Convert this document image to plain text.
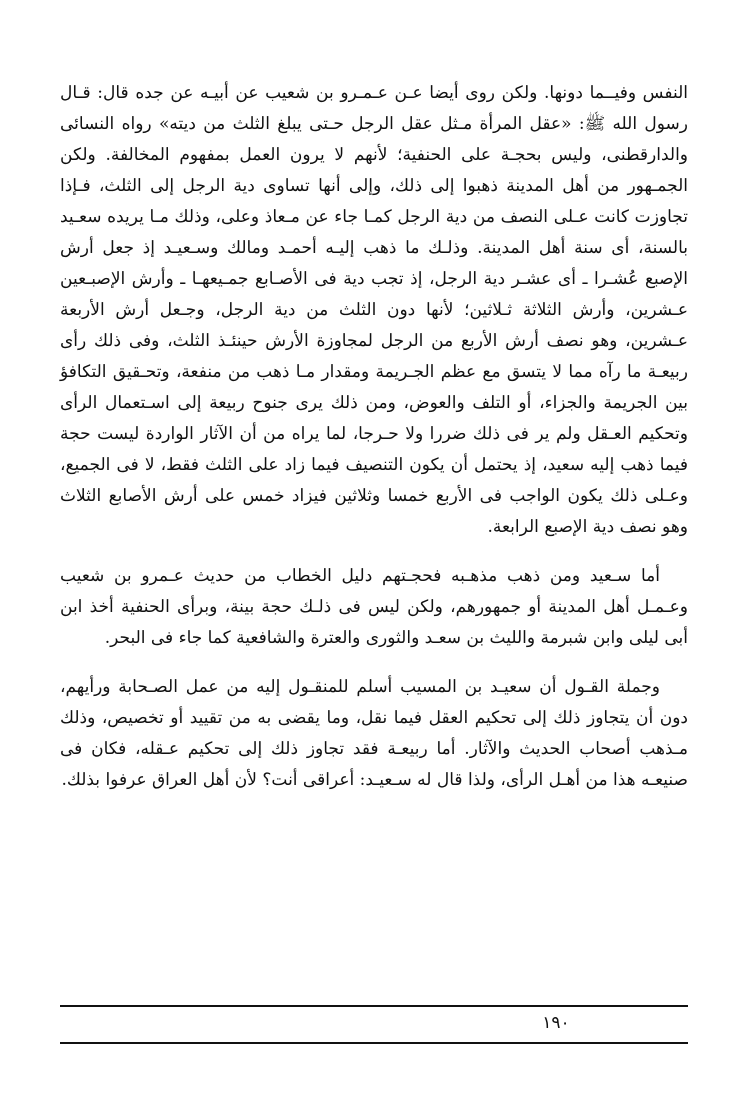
النفس وفيــما دونها. ولكن روى أيضا عـن عـمـرو بن شعيب عن أبيـه عن جده قال: قـال رسول الله ﷺ: «عقل المرأة مـثل عقل الرجل حـتى يبلغ الثلث من ديته» رواه النسائى والدارقطنى، وليس بحجـة على الحنفية؛ لأنهم لا يرون العمل بمفهوم المخالفة. ولكن الجمـهور من أهل المدينة ذهبوا إلى ذلك، وإلى أنها تساوى دية الرجل إلى الثلث، فـإذا تجاوزت كانت عـلى النصف من دية الرجل كمـا جاء عن مـعاذ وعلى، وذلك مـا يريده سعـيد بالسنة، أى سنة أهل المدينة. وذلـك ما ذهب إليـه أحمـد ومالك وسـعيـد إذ جعل أرش الإصبع عُشـرا ـ أى عشـر دية الرجل، إذ تجب دية فى الأصـابع جمـيعهـا ـ وأرش الإصبـعين عـشرين، وأرش الثلاثة ثـلاثين؛ لأنها دون الثلث من دية الرجل، وجـعل أرش الأربعة عـشرين، وهو نصف أرش الأربع من الرجل لمجاوزة الأرش حينئـذ الثلث، وفى ذلك رأى ربيعـة ما رآه مما لا يتسق مع عظم الجـريمة ومقدار مـا ذهب من منفعة، وتحـقيق التكافؤ بين الجريمة والجزاء، أو التلف والعوض، ومن ذلك يرى جنوح ربيعة إلى اسـتعمال الرأى وتحكيم العـقل ولم ير فى ذلك ضررا ولا حـرجا، لما يراه من أن الآثار الواردة ليست حجة فيما ذهب إليه سعيد، إذ يحتمل أن يكون التنصيف فيما زاد على الثلث فقط، لا فى الجميع، وعـلى ذلك يكون الواجب فى الأربع خمسا وثلاثين فيزاد خمس على أرش الأصابع الثلاث وهو نصف دية الإصبع الرابعة.

أما سـعيد ومن ذهب مذهـبه فحجـتهم دليل الخطاب من حديث عـمرو بن شعيب وعـمـل أهل المدينة أو جمهورهم، ولكن ليس فى ذلـك حجة بينة، وبرأى الحنفية أخذ ابن أبى ليلى وابن شبرمة والليث بن سعـد والثورى والعترة والشافعية كما جاء فى البحر.

وجملة القـول أن سعيـد بن المسيب أسلم للمنقـول إليه من عمل الصـحابة ورأيهم، دون أن يتجاوز ذلك إلى تحكيم العقل فيما نقل، وما يقضى به من تقييد أو تخصيص، وذلك مـذهب أصحاب الحديث والآثار. أما ربيعـة فقد تجاوز ذلك إلى تحكيم عـقله، فكان فى صنيعـه هذا من أهـل الرأى، ولذا قال له سـعيـد: أعراقى أنت؟ لأن أهل العراق عرفوا بذلك.

١٩٠
